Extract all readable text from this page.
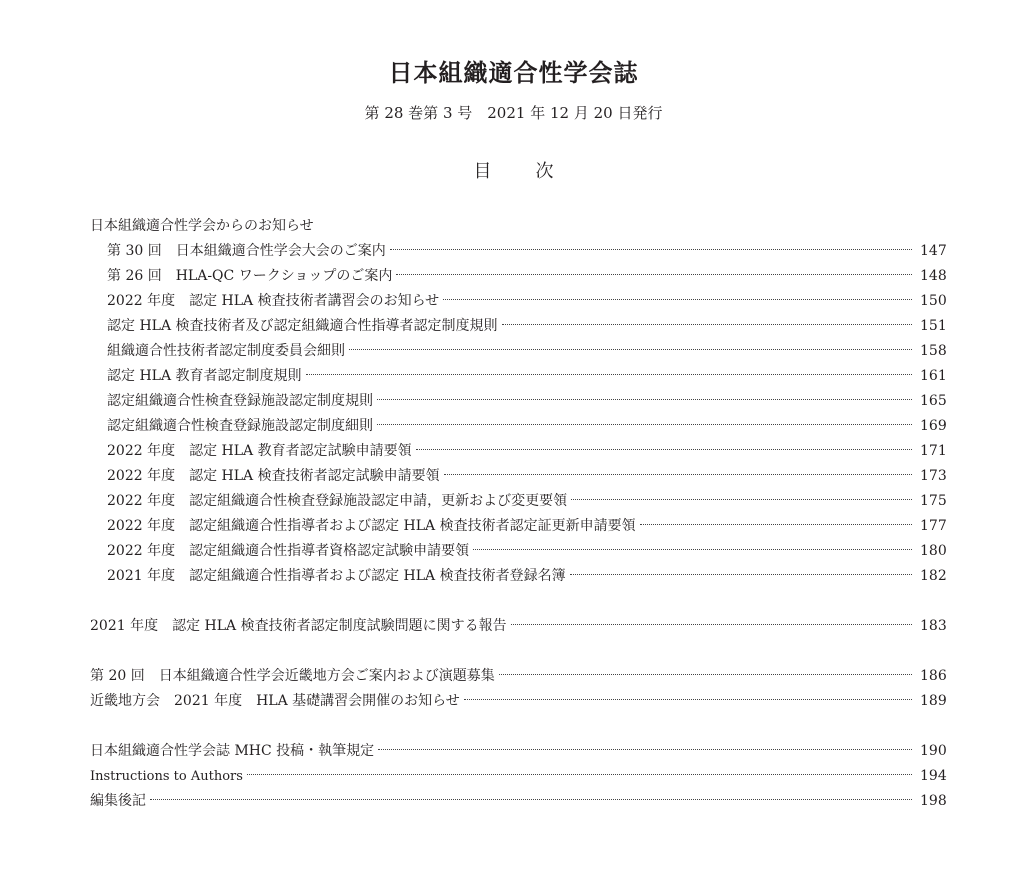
日本組織適合性学会誌
第 28 巻第 3 号　2021 年 12 月 20 日発行
目次
日本組織適合性学会からのお知らせ
第 30 回　日本組織適合性学会大会のご案内	147
第 26 回　HLA-QC ワークショップのご案内	148
2022 年度　認定 HLA 検査技術者講習会のお知らせ	150
認定 HLA 検査技術者及び認定組織適合性指導者認定制度規則	151
組織適合性技術者認定制度委員会細則	158
認定 HLA 教育者認定制度規則	161
認定組織適合性検査登録施設認定制度規則	165
認定組織適合性検査登録施設認定制度細則	169
2022 年度　認定 HLA 教育者認定試験申請要領	171
2022 年度　認定 HLA 検査技術者認定試験申請要領	173
2022 年度　認定組織適合性検査登録施設認定申請，更新および変更要領	175
2022 年度　認定組織適合性指導者および認定 HLA 検査技術者認定証更新申請要領	177
2022 年度　認定組織適合性指導者資格認定試験申請要領	180
2021 年度　認定組織適合性指導者および認定 HLA 検査技術者登録名簿	182
2021 年度　認定 HLA 検査技術者認定制度試験問題に関する報告	183
第 20 回　日本組織適合性学会近畿地方会ご案内および演題募集	186
近畿地方会　2021 年度　HLA 基礎講習会開催のお知らせ	189
日本組織適合性学会誌 MHC 投稿・執筆規定	190
Instructions to Authors	194
編集後記	198
